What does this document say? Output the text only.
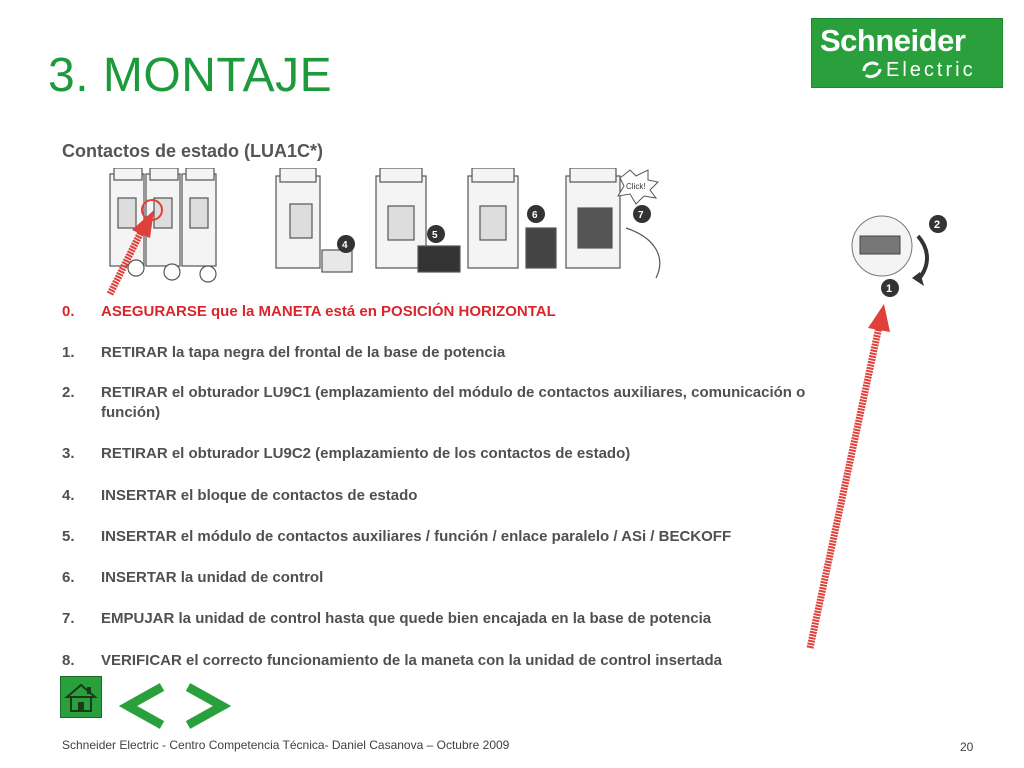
3. MONTAJE
Schneider
Electric
Contactos de estado (LUA1C*)
4
5
6	7
Click!
2
1
0. ASEGURARSE que la MANETA está en POSICIÓN HORIZONTAL
1. RETIRAR la tapa negra del frontal de la base de potencia
2. RETIRAR el obturador LU9C1 (emplazamiento del módulo de contactos auxiliares, comunicación o función)
3. RETIRAR el obturador LU9C2 (emplazamiento de los contactos de estado)
4. INSERTAR el bloque de contactos de estado
5. INSERTAR el módulo de contactos auxiliares / función / enlace paralelo / ASi / BECKOFF
6. INSERTAR la unidad de control
7. EMPUJAR la unidad de control hasta que quede bien encajada en la base de potencia
8. VERIFICAR el correcto funcionamiento de la maneta con la unidad de control insertada
Schneider Electric - Centro Competencia Técnica- Daniel Casanova – Octubre 2009	20
